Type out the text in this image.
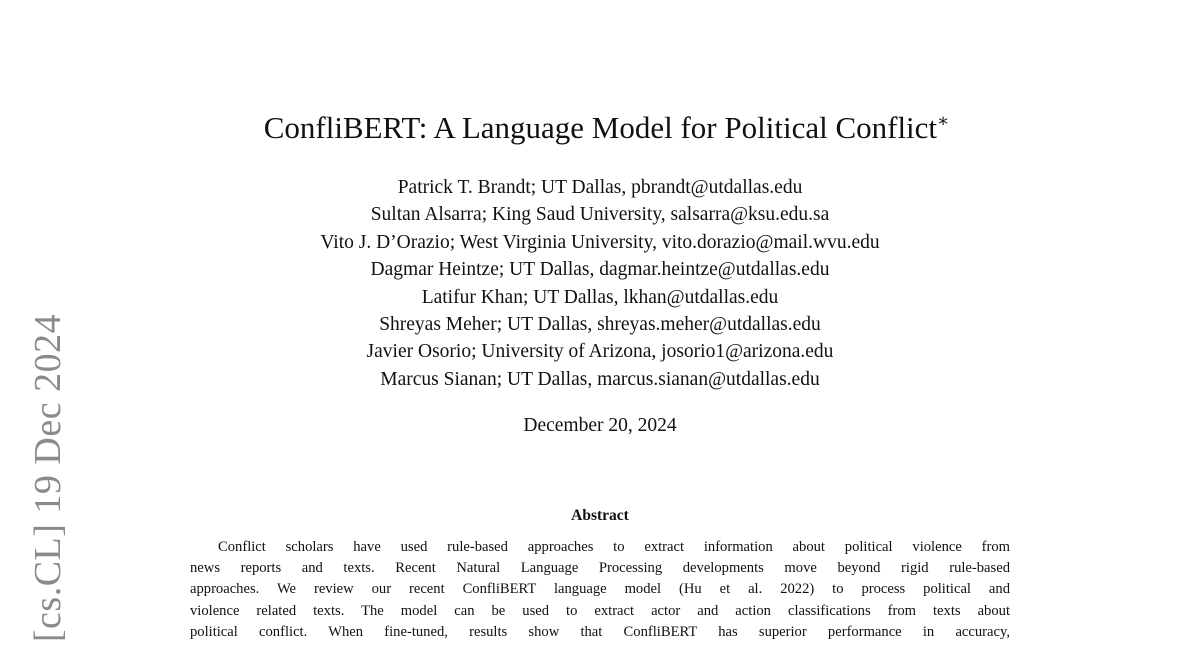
[cs.CL] 19 Dec 2024
ConfliBERT: A Language Model for Political Conflict∗
Patrick T. Brandt; UT Dallas, pbrandt@utdallas.edu
Sultan Alsarra; King Saud University, salsarra@ksu.edu.sa
Vito J. D’Orazio; West Virginia University, vito.dorazio@mail.wvu.edu
Dagmar Heintze; UT Dallas, dagmar.heintze@utdallas.edu
Latifur Khan; UT Dallas, lkhan@utdallas.edu
Shreyas Meher; UT Dallas, shreyas.meher@utdallas.edu
Javier Osorio; University of Arizona, josorio1@arizona.edu
Marcus Sianan; UT Dallas, marcus.sianan@utdallas.edu
December 20, 2024
Abstract
Conflict scholars have used rule-based approaches to extract information about political violence from
news reports and texts. Recent Natural Language Processing developments move beyond rigid rule-based
approaches. We review our recent ConfliBERT language model (Hu et al. 2022) to process political and
violence related texts. The model can be used to extract actor and action classifications from texts about
political conflict. When fine-tuned, results show that ConfliBERT has superior performance in accuracy,
